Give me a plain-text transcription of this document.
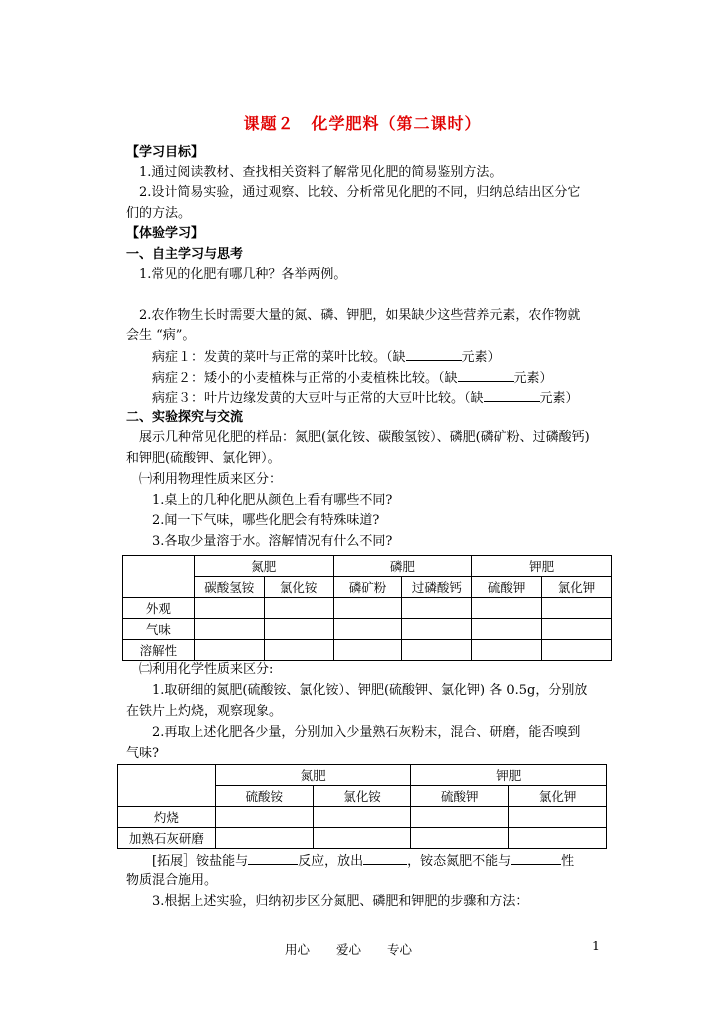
课题２　化学肥料（第二课时）
【学习目标】
1.通过阅读教材、查找相关资料了解常见化肥的简易鉴别方法。
2.设计简易实验，通过观察、比较、分析常见化肥的不同，归纳总结出区分它
们的方法。
【体验学习】
一、自主学习与思考
1.常见的化肥有哪几种？各举两例。
2.农作物生长时需要大量的氮、磷、钾肥，如果缺少这些营养元素，农作物就
会生 “病”。
病症１：发黄的菜叶与正常的菜叶比较。（缺	元素）
病症２：矮小的小麦植株与正常的小麦植株比较。（缺	元素）
病症３：叶片边缘发黄的大豆叶与正常的大豆叶比较。（缺	元素）
二、实验探究与交流
展示几种常见化肥的样品：氮肥(氯化铵、碳酸氢铵）、磷肥(磷矿粉、过磷酸钙)
和钾肥(硫酸钾、氯化钾）。
㈠利用物理性质来区分：
1.桌上的几种化肥从颜色上看有哪些不同?
2.闻一下气味，哪些化肥会有特殊味道?
3.各取少量溶于水。溶解情况有什么不同?
	氮肥		磷肥		钾肥	
	碳酸氢铵	氯化铵	磷矿粉	过磷酸钙	硫酸钾	氯化钾
外观						
气味						
溶解性						
㈡利用化学性质来区分:
1.取研细的氮肥(硫酸铵、氯化铵）、钾肥(硫酸钾、氯化钾) 各 0.5g，分别放
在铁片上灼烧，观察现象。
2.再取上述化肥各少量，分别加入少量熟石灰粉末，混合、研磨，能否嗅到
气味?
	氮肥		钾肥	
	硫酸铵	氯化铵	硫酸钾	氯化钾
灼烧				
加熟石灰研磨				
[拓展］铵盐能与	反应，放出	，铵态氮肥不能与	性
物质混合施用。
3.根据上述实验，归纳初步区分氮肥、磷肥和钾肥的步骤和方法：
用心 爱心 专心	1
